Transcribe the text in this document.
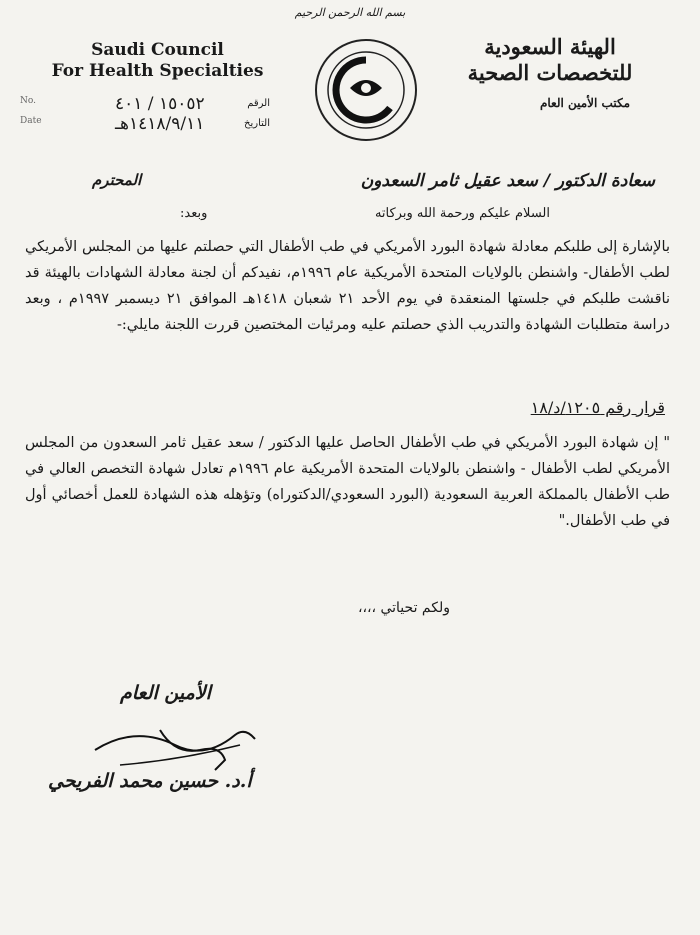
بسم الله الرحمن الرحيم
Saudi Council
For Health Specialties
الهيئة السعودية
للتخصصات الصحية
مكتب الأمين العام
No.	١٥٠٥٢ / ٤٠١	الرقم
Date	١٤١٨/٩/١١هـ	التاريخ
سعادة الدكتور / سعد عقيل ثامر السعدون
المحترم
السلام عليكم ورحمة الله وبركاته
وبعد:
بالإشارة إلى طلبكم معادلة شهادة البورد الأمريكي في طب الأطفال التي حصلتم عليها من المجلس الأمريكي لطب الأطفال- واشنطن بالولايات المتحدة الأمريكية عام ١٩٩٦م، نفيدكم أن لجنة معادلة الشهادات بالهيئة قد ناقشت طلبكم في جلستها المنعقدة في يوم الأحد ٢١ شعبان ١٤١٨هـ الموافق ٢١ ديسمبر ١٩٩٧م ، وبعد دراسة متطلبات الشهادة والتدريب الذي حصلتم عليه ومرئيات المختصين قررت اللجنة مايلي:-
قرار رقم ١٢٠٥/د/١٨
" إن شهادة البورد الأمريكي في طب الأطفال الحاصل عليها الدكتور / سعد عقيل ثامر السعدون من المجلس الأمريكي لطب الأطفال - واشنطن بالولايات المتحدة الأمريكية عام ١٩٩٦م تعادل شهادة التخصص العالي في طب الأطفال بالمملكة العربية السعودية (البورد السعودي/الدكتوراه) وتؤهله هذه الشهادة للعمل أخصائي أول في طب الأطفال."
ولكم تحياتي ،،،،
الأمين العام
أ.د. حسين محمد الفريحي
